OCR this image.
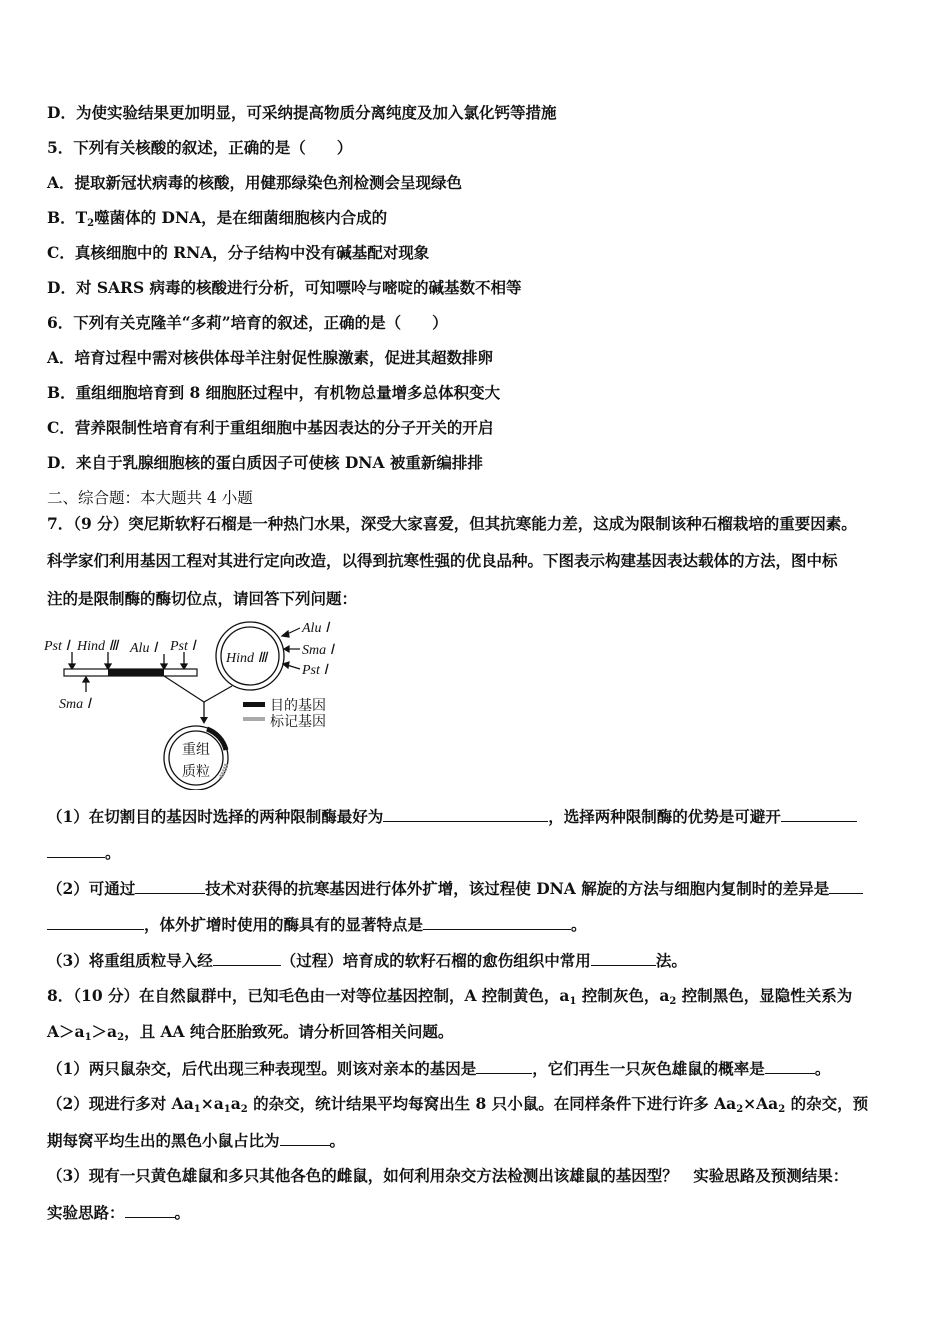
D．为使实验结果更加明显，可采纳提高物质分离纯度及加入氯化钙等措施
5．下列有关核酸的叙述，正确的是（　　）
A．提取新冠状病毒的核酸，用健那绿染色剂检测会呈现绿色
B．$T_2$噬菌体的 DNA，是在细菌细胞核内合成的
C．真核细胞中的 RNA，分子结构中没有碱基配对现象
D．对 SARS 病毒的核酸进行分析，可知嘌呤与嘧啶的碱基数不相等
6．下列有关克隆羊“多莉”培育的叙述，正确的是（　　）
A．培育过程中需对核供体母羊注射促性腺激素，促进其超数排卵
B．重组细胞培育到 8 细胞胚过程中，有机物总量增多总体积变大
C．营养限制性培育有利于重组细胞中基因表达的分子开关的开启
D．来自于乳腺细胞核的蛋白质因子可使核 DNA 被重新编排排
二、综合题：本大题共 4 小题
7．（9 分）突尼斯软籽石榴是一种热门水果，深受大家喜爱，但其抗寒能力差，这成为限制该种石榴栽培的重要因素。
科学家们利用基因工程对其进行定向改造，以得到抗寒性强的优良品种。下图表示构建基因表达载体的方法，图中标
注的是限制酶的酶切位点，请回答下列问题：
Pst Ⅰ Hind Ⅲ Alu Ⅰ Pst Ⅰ
Sma Ⅰ
Hind Ⅲ
Alu Ⅰ
Sma Ⅰ
Pst Ⅰ
重组
质粒
目的基因
标记基因
（1）在切割目的基因时选择的两种限制酶最好为	，选择两种限制酶的优势是可避开
。
（2）可通过	技术对获得的抗寒基因进行体外扩增，该过程使 DNA 解旋的方法与细胞内复制时的差异是
，体外扩增时使用的酶具有的显著特点是	。
（3）将重组质粒导入经	（过程）培育成的软籽石榴的愈伤组织中常用	法。
8．（10 分）在自然鼠群中，已知毛色由一对等位基因控制，A 控制黄色，$a_1$ 控制灰色，$a_2$ 控制黑色，显隐性关系为
$A>a_1>a_2$，且 AA 纯合胚胎致死。请分析回答相关问题。
（1）两只鼠杂交，后代出现三种表现型。则该对亲本的基因是	，它们再生一只灰色雄鼠的概率是	。
（2）现进行多对 $Aa_1\times a_1a_2$ 的杂交，统计结果平均每窝出生 8 只小鼠。在同样条件下进行许多 $Aa_2\times Aa_2$ 的杂交，预
期每窝平均生出的黑色小鼠占比为	。
（3）现有一只黄色雄鼠和多只其他各色的雌鼠，如何利用杂交方法检测出该雄鼠的基因型？　实验思路及预测结果：
实验思路：	。
